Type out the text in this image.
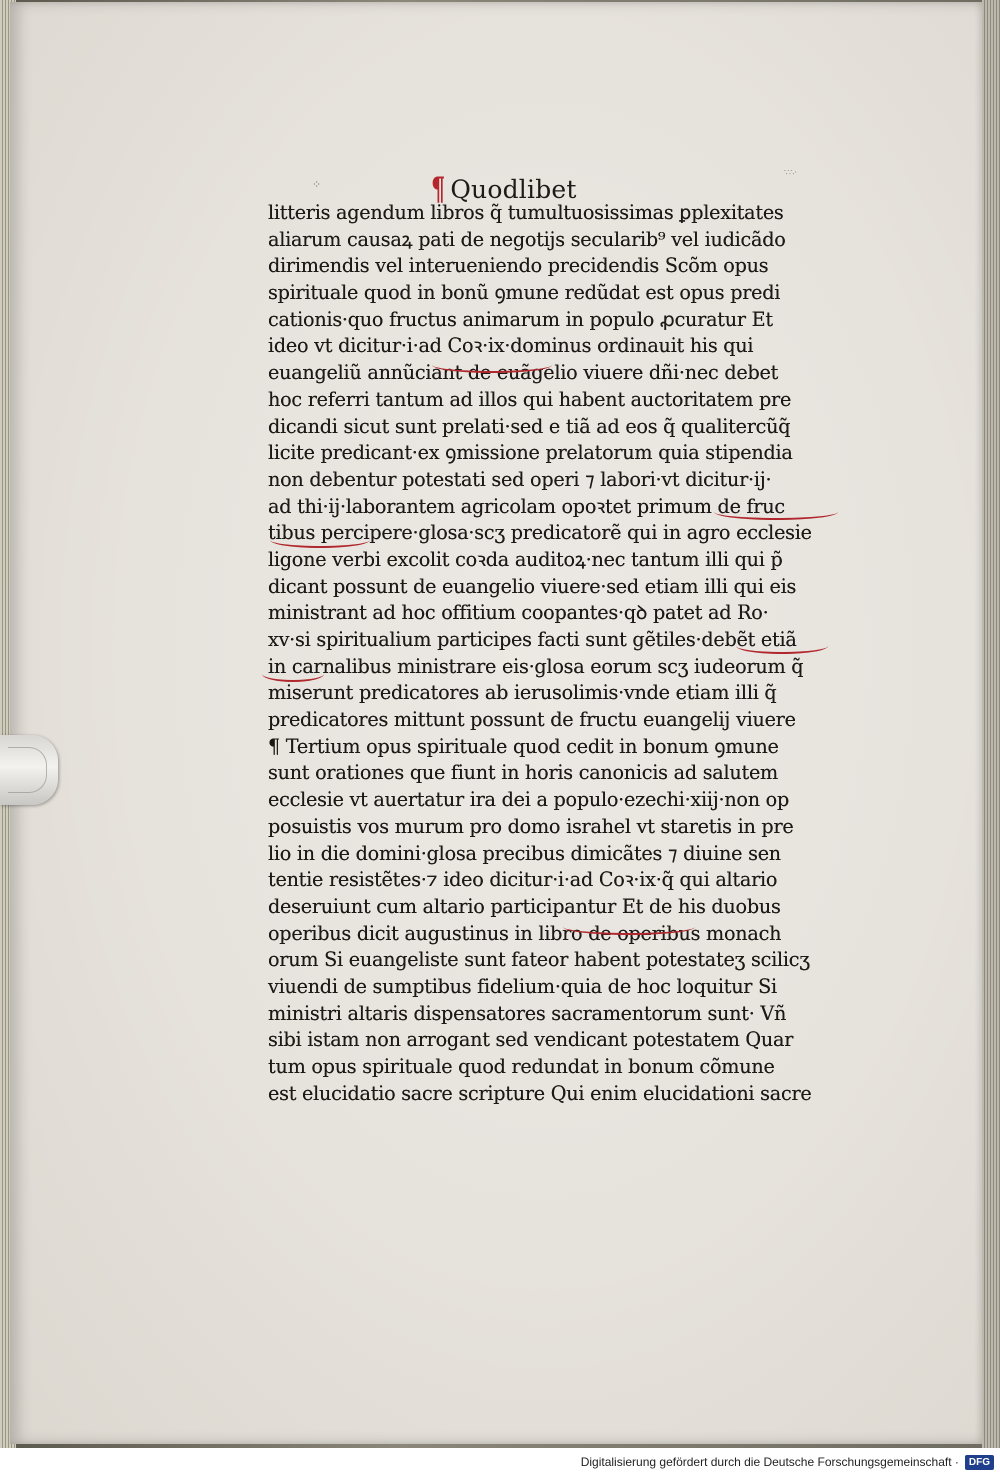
⁘
∵∴·
¶ Quodlibet
litteris agendum libros q̃ tumultuosissimas ꝑplexitates
aliarum causaꝝ pati de negotijs secularib⁹ vel iudicãdo
dirimendis vel interueniendo precidendis Scõm opus
spirituale quod in bonũ ꝯmune redũdat est opus predi
cationis·quo fructus animarum in populo ꝓcuratur Et
ideo vt dicitur·i·ad Coꝛ·ix·dominus ordinauit his qui
euangeliũ annũciant de euãgelio viuere dñi·nec debet
hoc referri tantum ad illos qui habent auctoritatem pre
dicandi sicut sunt prelati·sed e tiã ad eos q̃ qualitercũq̃
licite predicant·ex ꝯmissione prelatorum quia stipendia
non debentur potestati sed operi ⁊ labori·vt dicitur·ij·
ad thi·ij·laborantem agricolam opoꝛtet primum de fruc
tibus percipere·glosa·scʒ predicatorẽ qui in agro ecclesie
ligone verbi excolit coꝛda auditoꝝ·nec tantum illi qui p̃
dicant possunt de euangelio viuere·sed etiam illi qui eis
ministrant ad hoc offitium coopantes·qꝺ patet ad Ro·
xv·si spiritualium participes facti sunt gẽtiles·debẽt etiã
in carnalibus ministrare eis·glosa eorum scʒ iudeorum q̃
miserunt predicatores ab ierusolimis·vnde etiam illi q̃
predicatores mittunt possunt de fructu euangelij viuere
¶ Tertium opus spirituale quod cedit in bonum ꝯmune
sunt orationes que fiunt in horis canonicis ad salutem
ecclesie vt auertatur ira dei a populo·ezechi·xiij·non op
posuistis vos murum pro domo israhel vt staretis in pre
lio in die domini·glosa precibus dimicãtes ⁊ diuine sen
tentie resistẽtes·⁊ ideo dicitur·i·ad Coꝛ·ix·q̃ qui altario
deseruiunt cum altario participantur Et de his duobus
operibus dicit augustinus in libro de operibus monach
orum Si euangeliste sunt fateor habent potestateʒ scilicʒ
viuendi de sumptibus fidelium·quia de hoc loquitur Si
ministri altaris dispensatores sacramentorum sunt· Vñ
sibi istam non arrogant sed vendicant potestatem Quar
tum opus spirituale quod redundat in bonum cõmune
est elucidatio sacre scripture Qui enim elucidationi sacre
Digitalisierung gefördert durch die Deutsche Forschungsgemeinschaft ·	DFG
